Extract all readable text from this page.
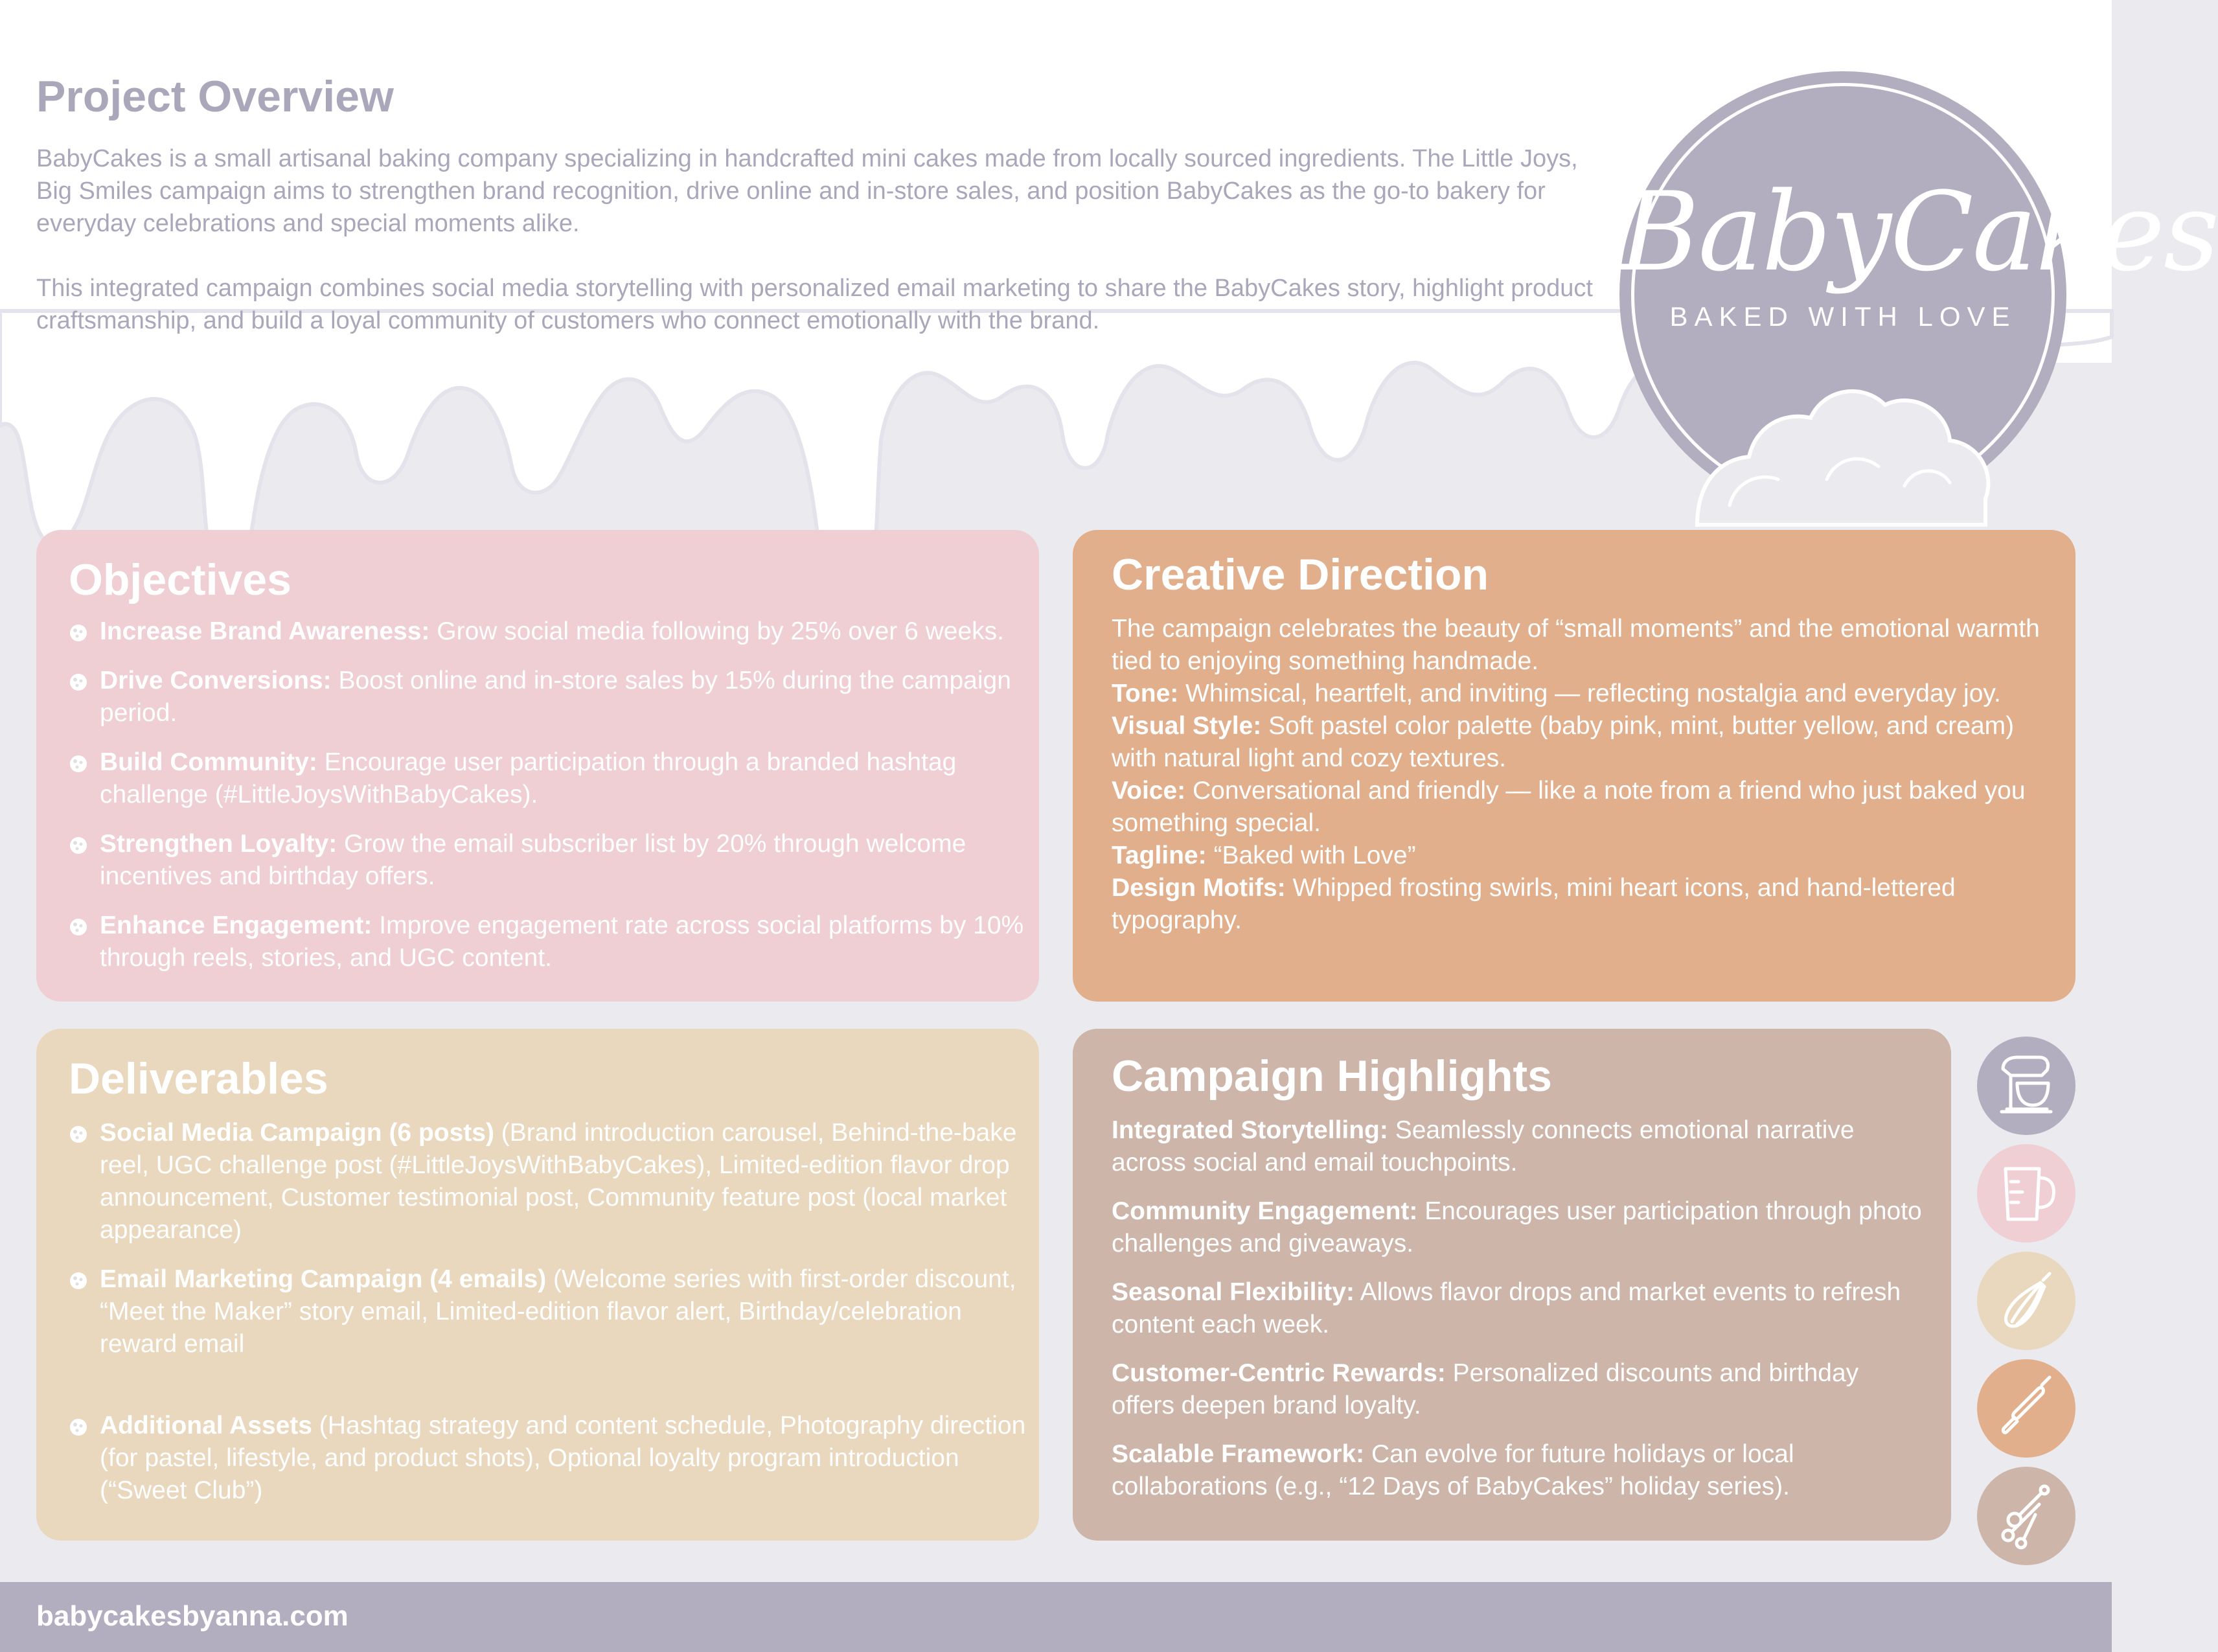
Project Overview

BabyCakes is a small artisanal baking company specializing in handcrafted mini cakes made from locally sourced ingredients. The Little Joys, Big Smiles campaign aims to strengthen brand recognition, drive online and in-store sales, and position BabyCakes as the go-to bakery for everyday celebrations and special moments alike.

This integrated campaign combines social media storytelling with personalized email marketing to share the BabyCakes story, highlight product craftsmanship, and build a loyal community of customers who connect emotionally with the brand.

BabyCakes
BAKED WITH LOVE
Objectives
Increase Brand Awareness: Grow social media following by 25% over 6 weeks.
Drive Conversions: Boost online and in-store sales by 15% during the campaign period.
Build Community: Encourage user participation through a branded hashtag challenge (#LittleJoysWithBabyCakes).
Strengthen Loyalty: Grow the email subscriber list by 20% through welcome incentives and birthday offers.
Enhance Engagement: Improve engagement rate across social platforms by 10% through reels, stories, and UGC content.
Creative Direction

The campaign celebrates the beauty of “small moments” and the emotional warmth tied to enjoying something handmade.

Tone: Whimsical, heartfelt, and inviting — reflecting nostalgia and everyday joy.

Visual Style: Soft pastel color palette (baby pink, mint, butter yellow, and cream) with natural light and cozy textures.

Voice: Conversational and friendly — like a note from a friend who just baked you something special.

Tagline: “Baked with Love”

Design Motifs: Whipped frosting swirls, mini heart icons, and hand-lettered typography.

Deliverables
Social Media Campaign (6 posts) (Brand introduction carousel, Behind-the-bake reel, UGC challenge post (#LittleJoysWithBabyCakes), Limited-edition flavor drop announcement, Customer testimonial post, Community feature post (local market appearance)
Email Marketing Campaign (4 emails) (Welcome series with first-order discount, “Meet the Maker” story email, Limited-edition flavor alert, Birthday/celebration reward email
Additional Assets (Hashtag strategy and content schedule, Photography direction (for pastel, lifestyle, and product shots), Optional loyalty program introduction (“Sweet Club”)
Campaign Highlights

Integrated Storytelling: Seamlessly connects emotional narrative across social and email touchpoints.

Community Engagement: Encourages user participation through photo challenges and giveaways.

Seasonal Flexibility: Allows flavor drops and market events to refresh content each week.

Customer-Centric Rewards: Personalized discounts and birthday offers deepen brand loyalty.

Scalable Framework: Can evolve for future holidays or local collaborations (e.g., “12 Days of BabyCakes” holiday series).

babycakesbyanna.com
